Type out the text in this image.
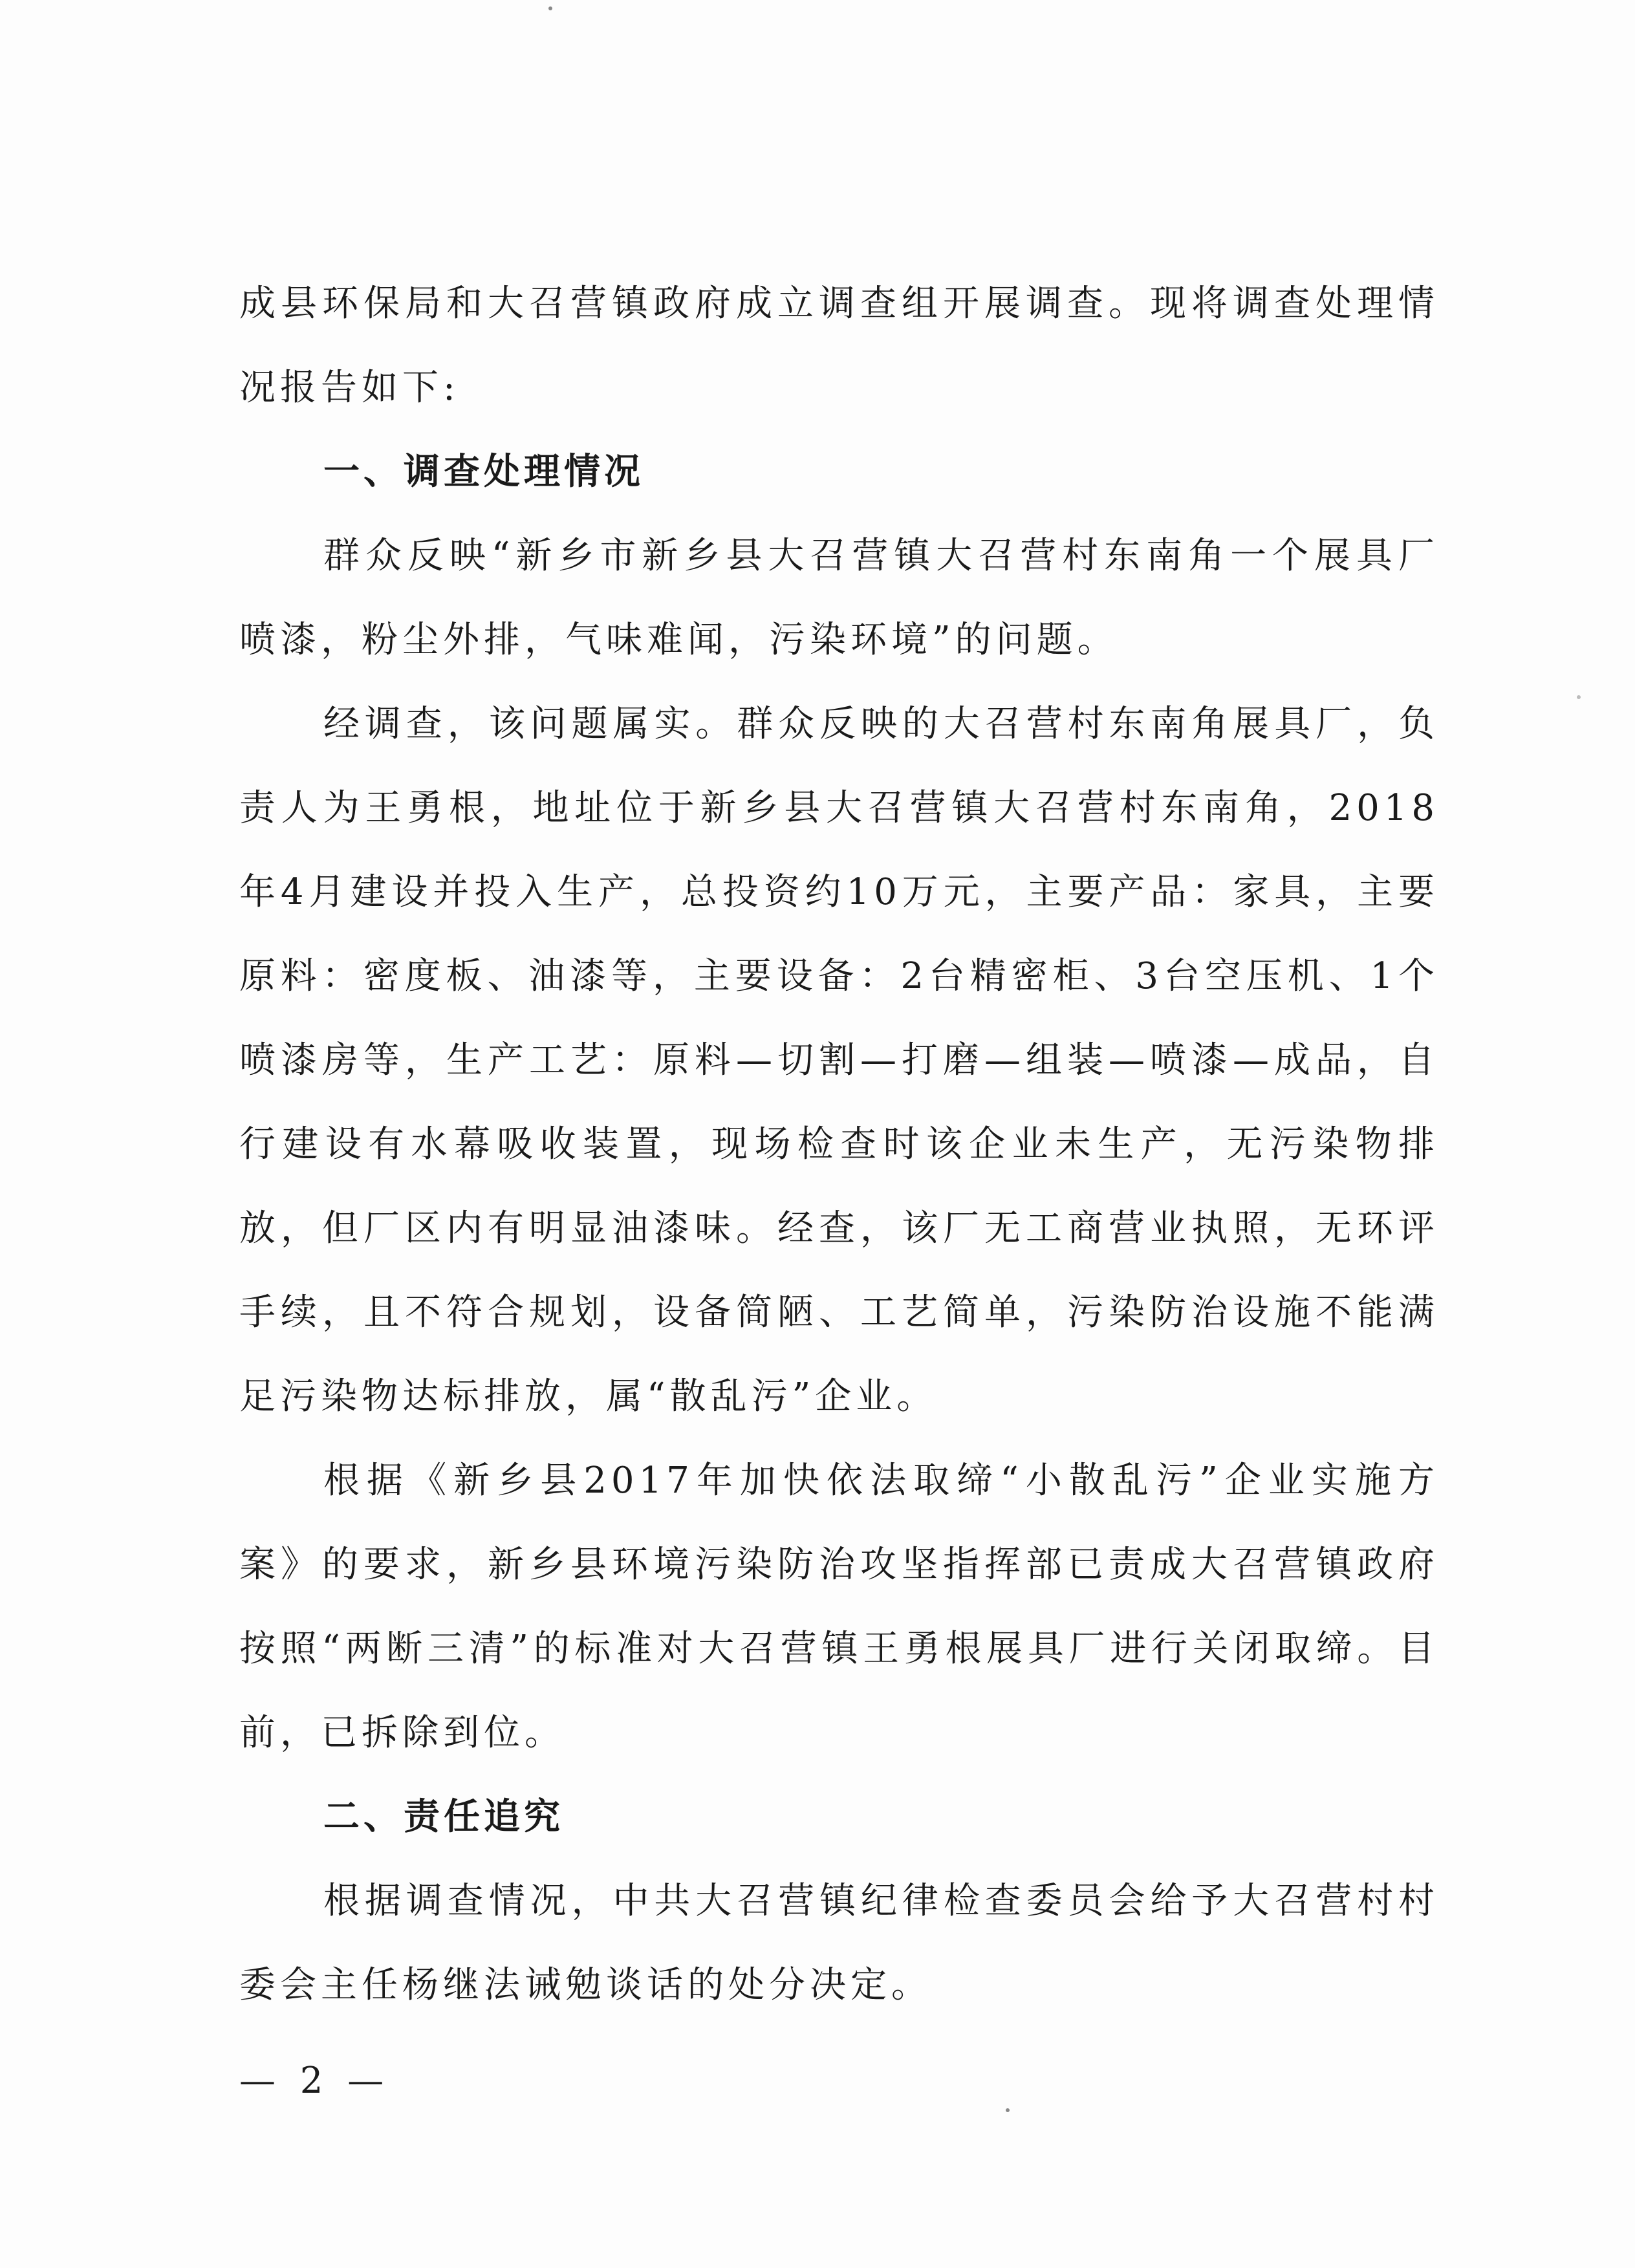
成县环保局和大召营镇政府成立调查组开展调查。现将调查处理情况报告如下:

一、调查处理情况

群众反映“新乡市新乡县大召营镇大召营村东南角一个展具厂喷漆，粉尘外排，气味难闻，污染环境”的问题。

经调查，该问题属实。群众反映的大召营村东南角展具厂，负责人为王勇根，地址位于新乡县大召营镇大召营村东南角，2018年4月建设并投入生产，总投资约10万元，主要产品：家具，主要原料：密度板、油漆等，主要设备：2台精密柜、3台空压机、1个喷漆房等，生产工艺：原料—切割—打磨—组装—喷漆—成品，自行建设有水幕吸收装置，现场检查时该企业未生产，无污染物排放，但厂区内有明显油漆味。经查，该厂无工商营业执照，无环评手续，且不符合规划，设备简陋、工艺简单，污染防治设施不能满足污染物达标排放，属“散乱污”企业。

根据《新乡县2017年加快依法取缔“小散乱污”企业实施方案》的要求，新乡县环境污染防治攻坚指挥部已责成大召营镇政府按照“两断三清”的标准对大召营镇王勇根展具厂进行关闭取缔。目前，已拆除到位。

二、责任追究

根据调查情况，中共大召营镇纪律检查委员会给予大召营村村委会主任杨继法诫勉谈话的处分决定。

— 2 —
